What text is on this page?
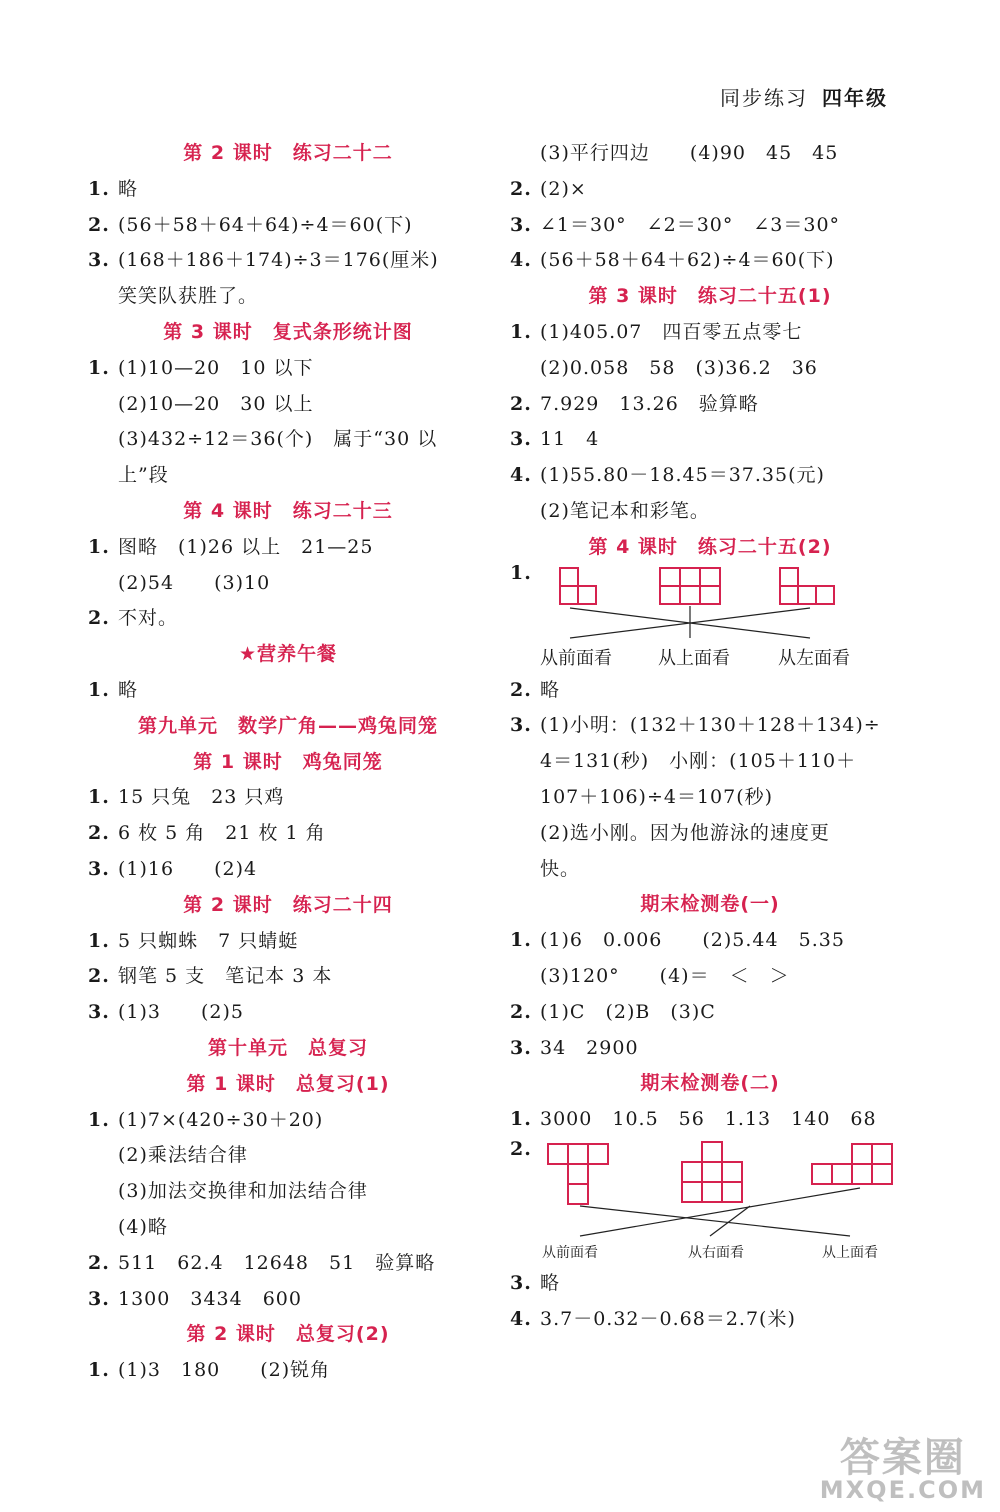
同步练习 四年级
第 2 课时　练习二十二
1. 略
2. (56＋58＋64＋64)÷4＝60(下)
3. (168＋186＋174)÷3＝176(厘米)
笑笑队获胜了。
第 3 课时　复式条形统计图
1. (1)10—20　10 以下
(2)10—20　30 以上
(3)432÷12＝36(个)　属于“30 以
上”段
第 4 课时　练习二十三
1. 图略　(1)26 以上　21—25
(2)54　　(3)10
2. 不对。
★营养午餐
1. 略
第九单元　数学广角——鸡兔同笼
第 1 课时　鸡兔同笼
1. 15 只兔　23 只鸡
2. 6 枚 5 角　21 枚 1 角
3. (1)16　　(2)4
第 2 课时　练习二十四
1. 5 只蜘蛛　7 只蜻蜓
2. 钢笔 5 支　笔记本 3 本
3. (1)3　　(2)5
第十单元　总复习
第 1 课时　总复习(1)
1. (1)7×(420÷30＋20)
(2)乘法结合律
(3)加法交换律和加法结合律
(4)略
2. 511　62.4　12648　51　验算略
3. 1300　3434　600
第 2 课时　总复习(2)
1. (1)3　180　　(2)锐角
(3)平行四边　　(4)90　45　45
2. (2)×
3. ∠1＝30°　∠2＝30°　∠3＝30°
4. (56＋58＋64＋62)÷4＝60(下)
第 3 课时　练习二十五(1)
1. (1)405.07　四百零五点零七
(2)0.058　58　(3)36.2　36
2. 7.929　13.26　验算略
3. 11　4
4. (1)55.80－18.45＝37.35(元)
(2)笔记本和彩笔。
第 4 课时　练习二十五(2)
1.
从前面看	从上面看	从左面看
2. 略
3. (1)小明：(132＋130＋128＋134)÷
4＝131(秒)　小刚：(105＋110＋
107＋106)÷4＝107(秒)
(2)选小刚。因为他游泳的速度更
快。
期末检测卷(一)
1. (1)6　0.006　　(2)5.44　5.35
(3)120°　　(4)＝　＜　＞
2. (1)C　(2)B　(3)C
3. 34　2900
期末检测卷(二)
1. 3000　10.5　56　1.13　140　68
2.
从前面看	从右面看	从上面看
3. 略
4. 3.7－0.32－0.68＝2.7(米)
答案圈
MXQE.COM
